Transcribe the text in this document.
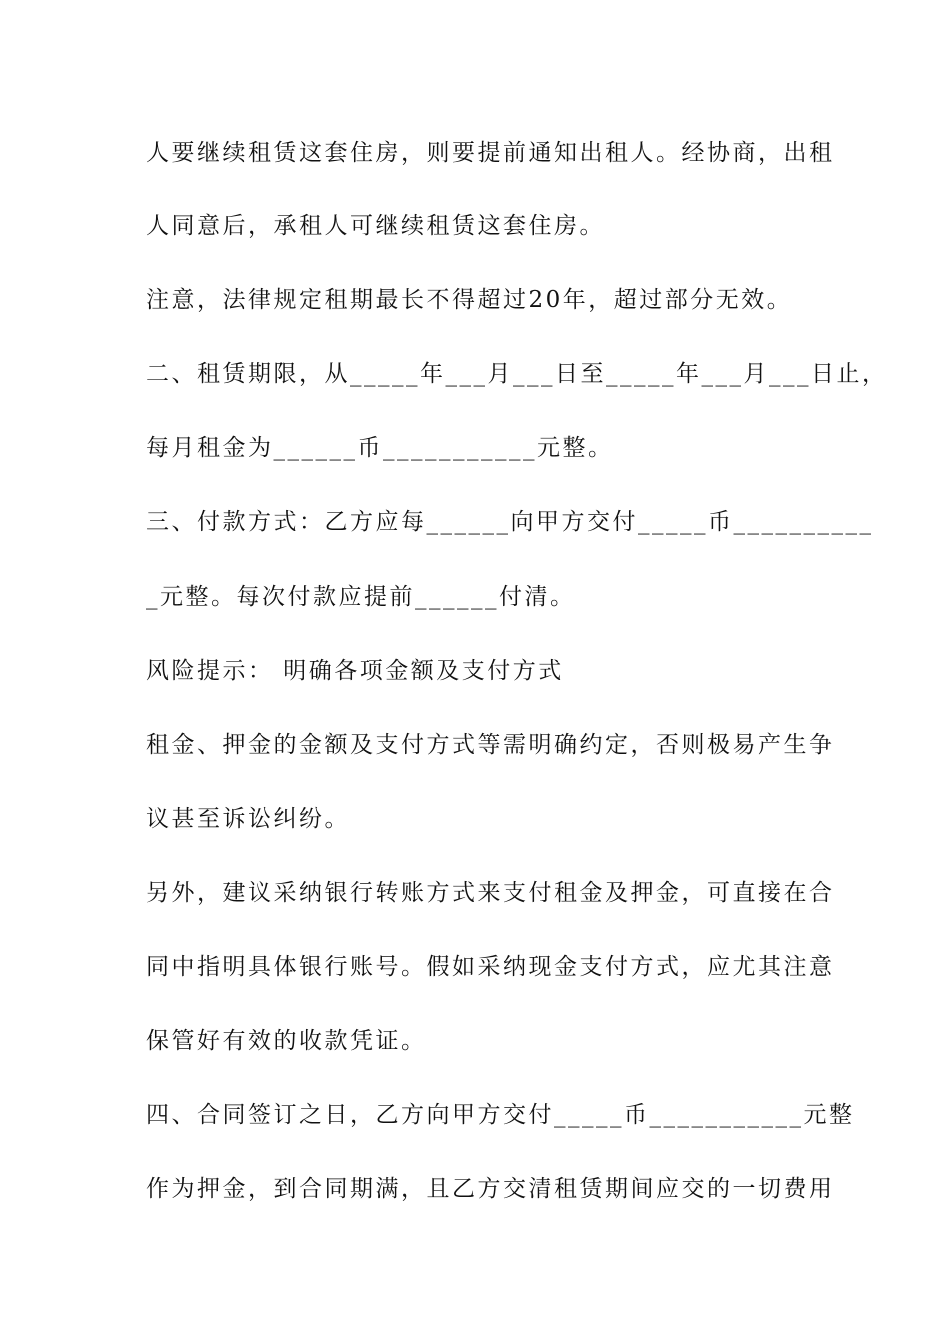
人要继续租赁这套住房，则要提前通知出租人。经协商，出租
人同意后，承租人可继续租赁这套住房。
注意，法律规定租期最长不得超过20年，超过部分无效。
二、租赁期限，从_____年___月___日至_____年___月___日止，
每月租金为______币___________元整。
三、付款方式：乙方应每______向甲方交付_____币__________
_元整。每次付款应提前______付清。
风险提示： 明确各项金额及支付方式
租金、押金的金额及支付方式等需明确约定，否则极易产生争
议甚至诉讼纠纷。
另外，建议采纳银行转账方式来支付租金及押金，可直接在合
同中指明具体银行账号。假如采纳现金支付方式，应尤其注意
保管好有效的收款凭证。
四、合同签订之日，乙方向甲方交付_____币___________元整
作为押金，到合同期满，且乙方交清租赁期间应交的一切费用
